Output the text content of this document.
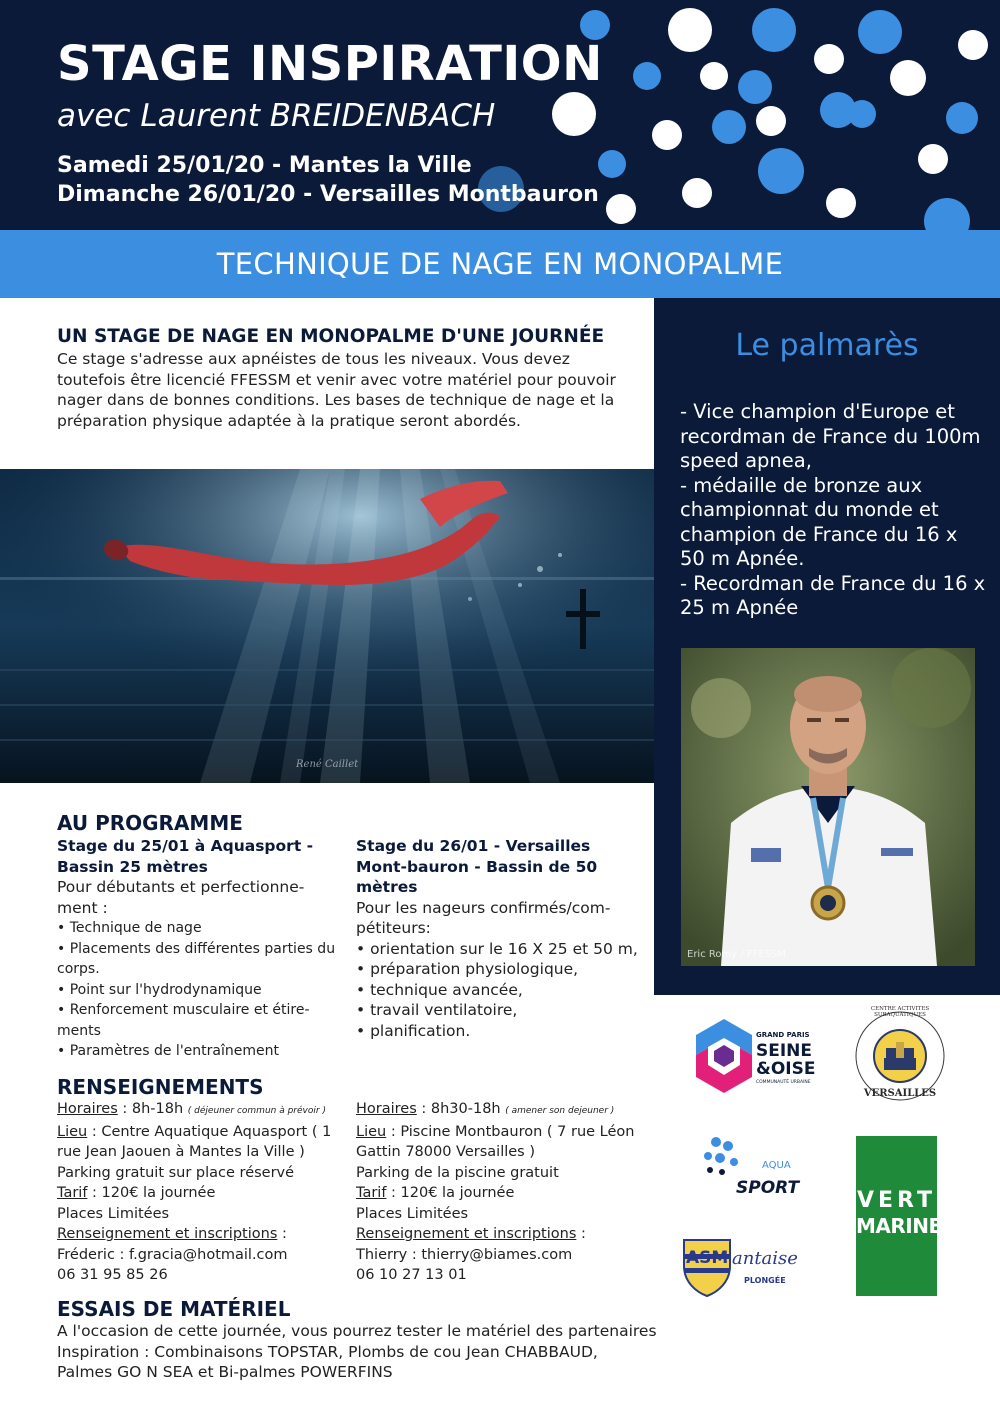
STAGE INSPIRATION
avec Laurent BREIDENBACH
Samedi 25/01/20 - Mantes la Ville
Dimanche 26/01/20 - Versailles Montbauron
TECHNIQUE DE NAGE EN MONOPALME
UN STAGE DE NAGE EN MONOPALME D'UNE JOURNÉE
Ce stage s'adresse aux apnéistes de tous les niveaux. Vous devez toutefois être licencié FFESSM et venir avec votre matériel pour pouvoir nager dans de bonnes conditions. Les bases de technique de nage et la préparation physique adaptée à la pratique seront abordés.
René Caillet
Le palmarès
- Vice champion d'Europe et recordman de France du 100m speed apnea,
- médaille de bronze aux championnat du monde et champion de France du 16 x 50 m Apnée.
- Recordman de France du 16 x 25 m Apnée
Eric Romy / FFESSM
AU PROGRAMME
Stage du 25/01 à Aquasport - Bassin 25 mètres
Pour débutants et perfectionne-ment :
• Technique de nage
• Placements des différentes parties du corps.
• Point sur l'hydrodynamique
• Renforcement musculaire et étire-ments
• Paramètres de l'entraînement
Stage du 26/01 - Versailles Mont-bauron - Bassin de 50 mètres
Pour les nageurs confirmés/com-pétiteurs:
• orientation sur le 16 X 25 et 50 m,
• préparation physiologique,
• technique avancée,
• travail ventilatoire,
• planification.
RENSEIGNEMENTS
Horaires : 8h-18h ( déjeuner commun à prévoir )
Lieu : Centre Aquatique Aquasport ( 1 rue Jean Jaouen à Mantes la Ville )
Parking gratuit sur place réservé
Tarif : 120€ la journée
Places Limitées
Renseignement et inscriptions :
Fréderic : f.gracia@hotmail.com
06 31 95 85 26
Horaires : 8h30-18h ( amener son dejeuner )
Lieu : Piscine Montbauron ( 7 rue Léon Gattin 78000 Versailles )
Parking de la piscine gratuit
Tarif : 120€ la journée
Places Limitées
Renseignement et inscriptions :
Thierry : thierry@biames.com
06 10 27 13 01
ESSAIS DE MATÉRIEL
A l'occasion de cette journée, vous pourrez tester le matériel des partenaires Inspiration : Combinaisons TOPSTAR, Plombs de cou Jean CHABBAUD, Palmes GO N SEA et Bi-palmes POWERFINS
GRAND PARIS
SEINE
&OISE
COMMUNAUTÉ URBAINE
CENTRE ACTIVITES SUBAQUATIQUES
VERSAILLES
AQUA
SPORT	VERT
MARINE
ASM antaise
PLONGÉE
